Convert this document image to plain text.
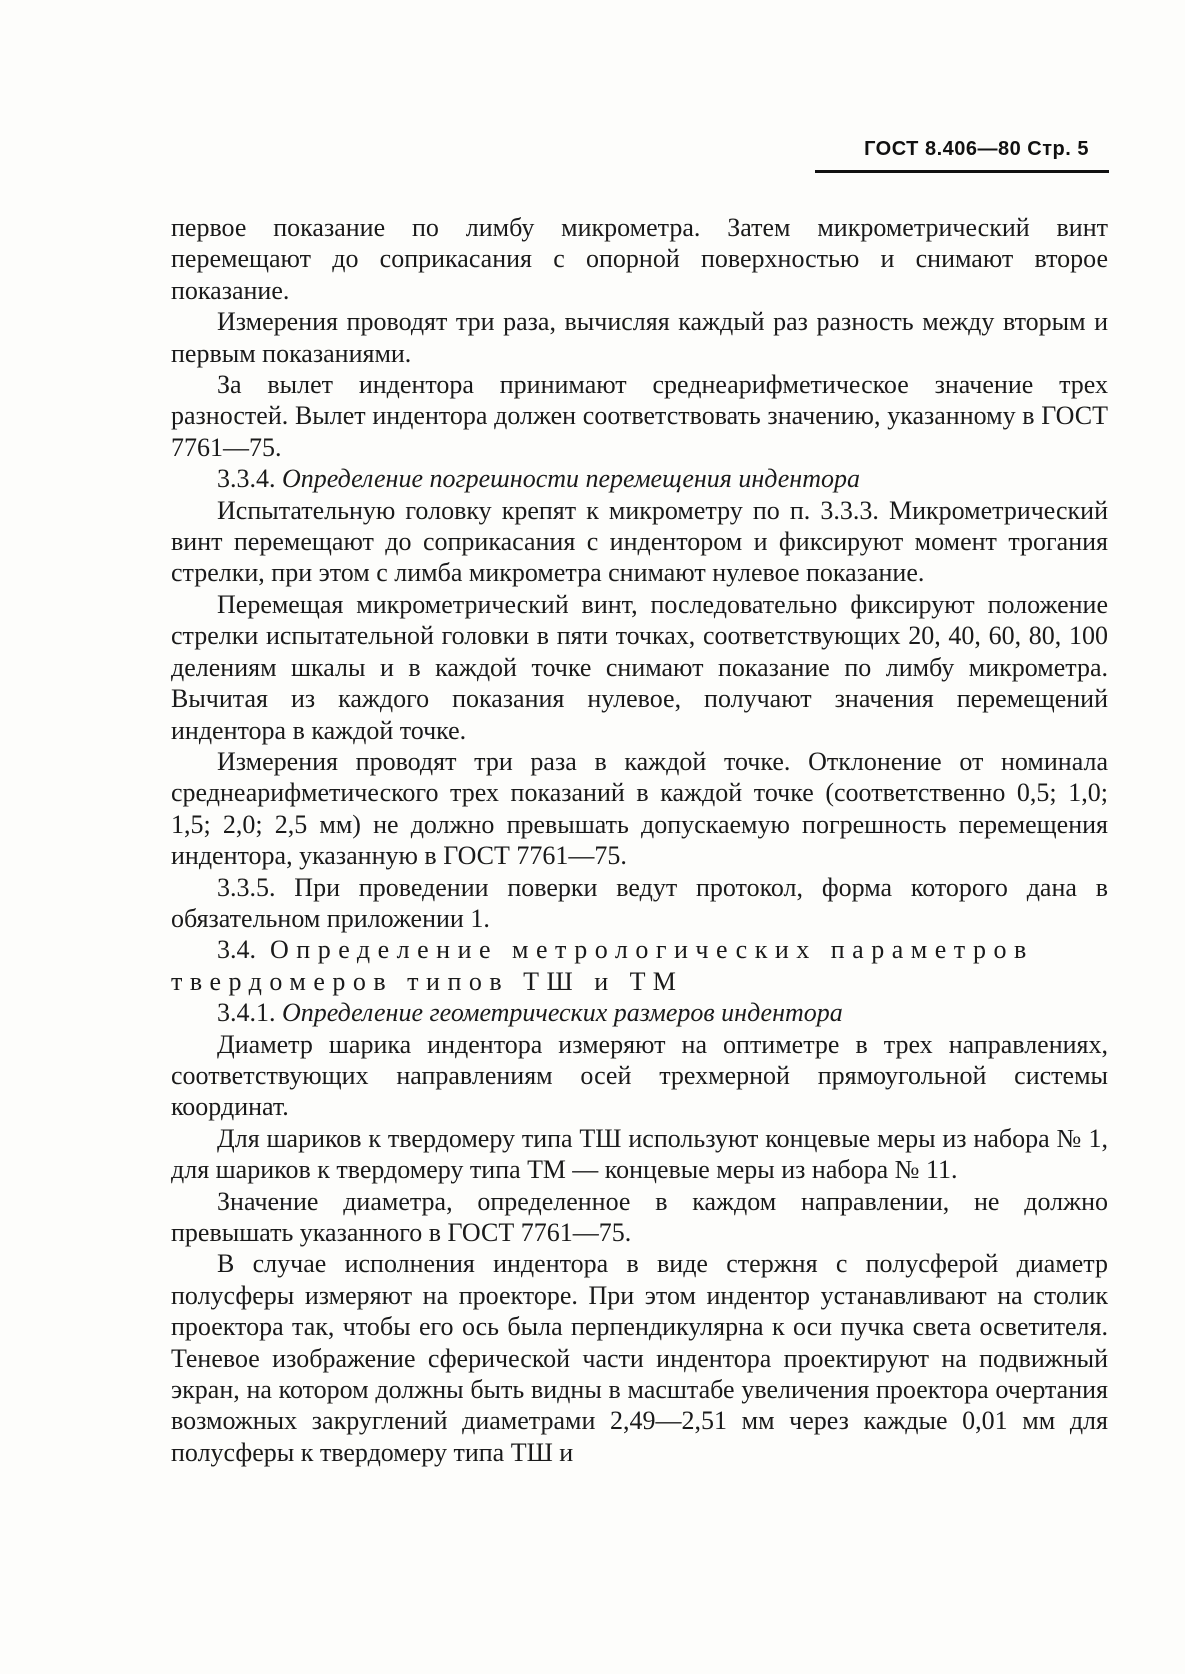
ГОСТ 8.406—80 Стр. 5

первое показание по лимбу микрометра. Затем микрометрический винт перемещают до соприкасания с опорной поверхностью и снимают второе показание.

Измерения проводят три раза, вычисляя каждый раз разность между вторым и первым показаниями.

За вылет индентора принимают среднеарифметическое значение трех разностей. Вылет индентора должен соответствовать значению, указанному в ГОСТ 7761—75.

3.3.4. Определение погрешности перемещения индентора

Испытательную головку крепят к микрометру по п. 3.3.3. Микрометрический винт перемещают до соприкасания с индентором и фиксируют момент трогания стрелки, при этом с лимба микрометра снимают нулевое показание.

Перемещая микрометрический винт, последовательно фиксируют положение стрелки испытательной головки в пяти точках, соответствующих 20, 40, 60, 80, 100 делениям шкалы и в каждой точке снимают показание по лимбу микрометра. Вычитая из каждого показания нулевое, получают значения перемещений индентора в каждой точке.

Измерения проводят три раза в каждой точке. Отклонение от номинала среднеарифметического трех показаний в каждой точке (соответственно 0,5; 1,0; 1,5; 2,0; 2,5 мм) не должно превышать допускаемую погрешность перемещения индентора, указанную в ГОСТ 7761—75.

3.3.5. При проведении поверки ведут протокол, форма которого дана в обязательном приложении 1.

3.4. Определение метрологических параметров твердомеров типов ТШ и ТМ

3.4.1. Определение геометрических размеров индентора

Диаметр шарика индентора измеряют на оптиметре в трех направлениях, соответствующих направлениям осей трехмерной прямоугольной системы координат.

Для шариков к твердомеру типа ТШ используют концевые меры из набора № 1, для шариков к твердомеру типа ТМ — концевые меры из набора № 11.

Значение диаметра, определенное в каждом направлении, не должно превышать указанного в ГОСТ 7761—75.

В случае исполнения индентора в виде стержня с полусферой диаметр полусферы измеряют на проекторе. При этом индентор устанавливают на столик проектора так, чтобы его ось была перпендикулярна к оси пучка света осветителя. Теневое изображение сферической части индентора проектируют на подвижный экран, на котором должны быть видны в масштабе увеличения проектора очертания возможных закруглений диаметрами 2,49—2,51 мм через каждые 0,01 мм для полусферы к твердомеру типа ТШ и
